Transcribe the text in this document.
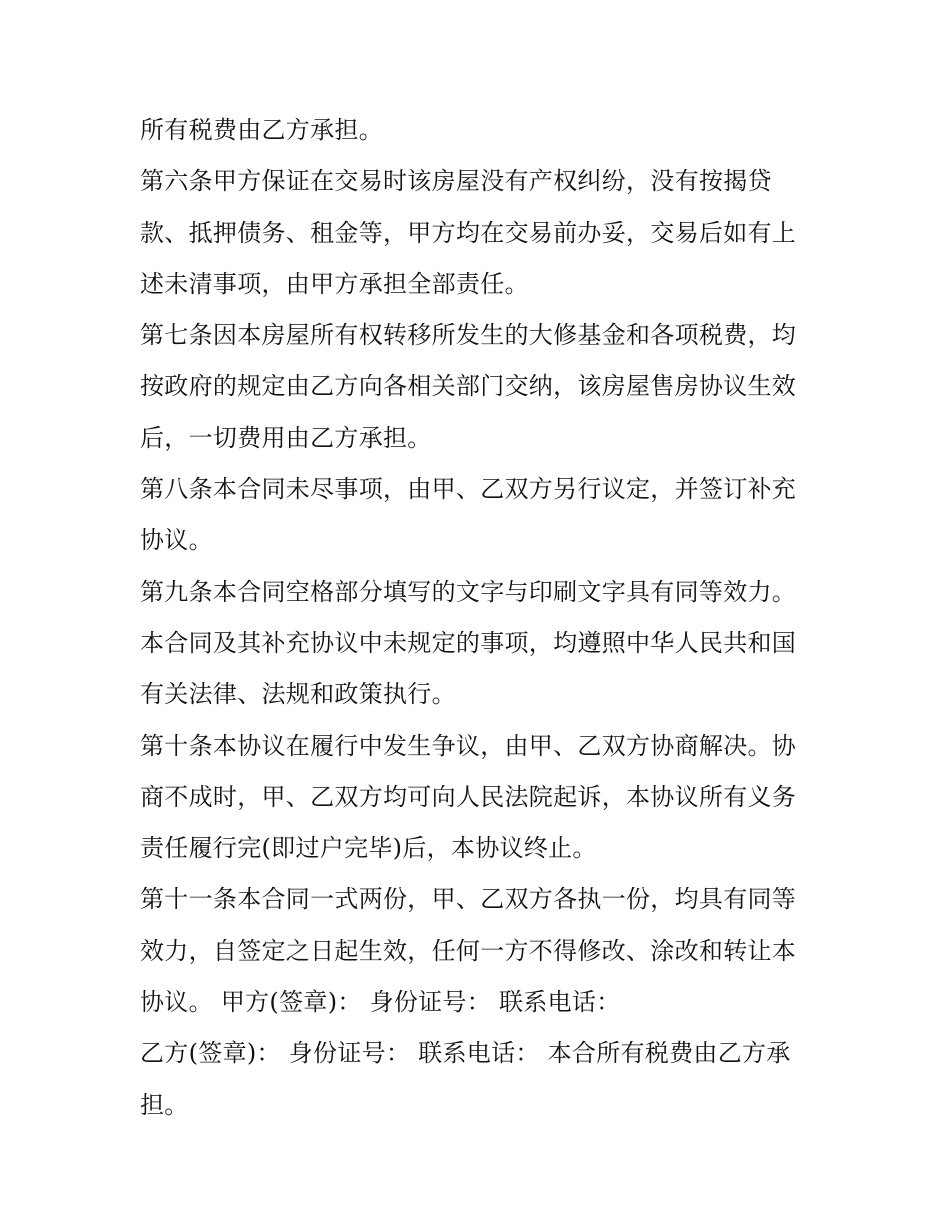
所有税费由乙方承担。
第六条甲方保证在交易时该房屋没有产权纠纷，没有按揭贷
款、抵押债务、租金等，甲方均在交易前办妥，交易后如有上
述未清事项，由甲方承担全部责任。
第七条因本房屋所有权转移所发生的大修基金和各项税费，均
按政府的规定由乙方向各相关部门交纳，该房屋售房协议生效
后，一切费用由乙方承担。
第八条本合同未尽事项，由甲、乙双方另行议定，并签订补充
协议。
第九条本合同空格部分填写的文字与印刷文字具有同等效力。
本合同及其补充协议中未规定的事项，均遵照中华人民共和国
有关法律、法规和政策执行。
第十条本协议在履行中发生争议，由甲、乙双方协商解决。协
商不成时，甲、乙双方均可向人民法院起诉，本协议所有义务
责任履行完(即过户完毕)后，本协议终止。
第十一条本合同一式两份，甲、乙双方各执一份，均具有同等
效力，自签定之日起生效，任何一方不得修改、涂改和转让本
协议。 甲方(签章)： 身份证号： 联系电话：
乙方(签章)： 身份证号： 联系电话： 本合所有税费由乙方承
担。
